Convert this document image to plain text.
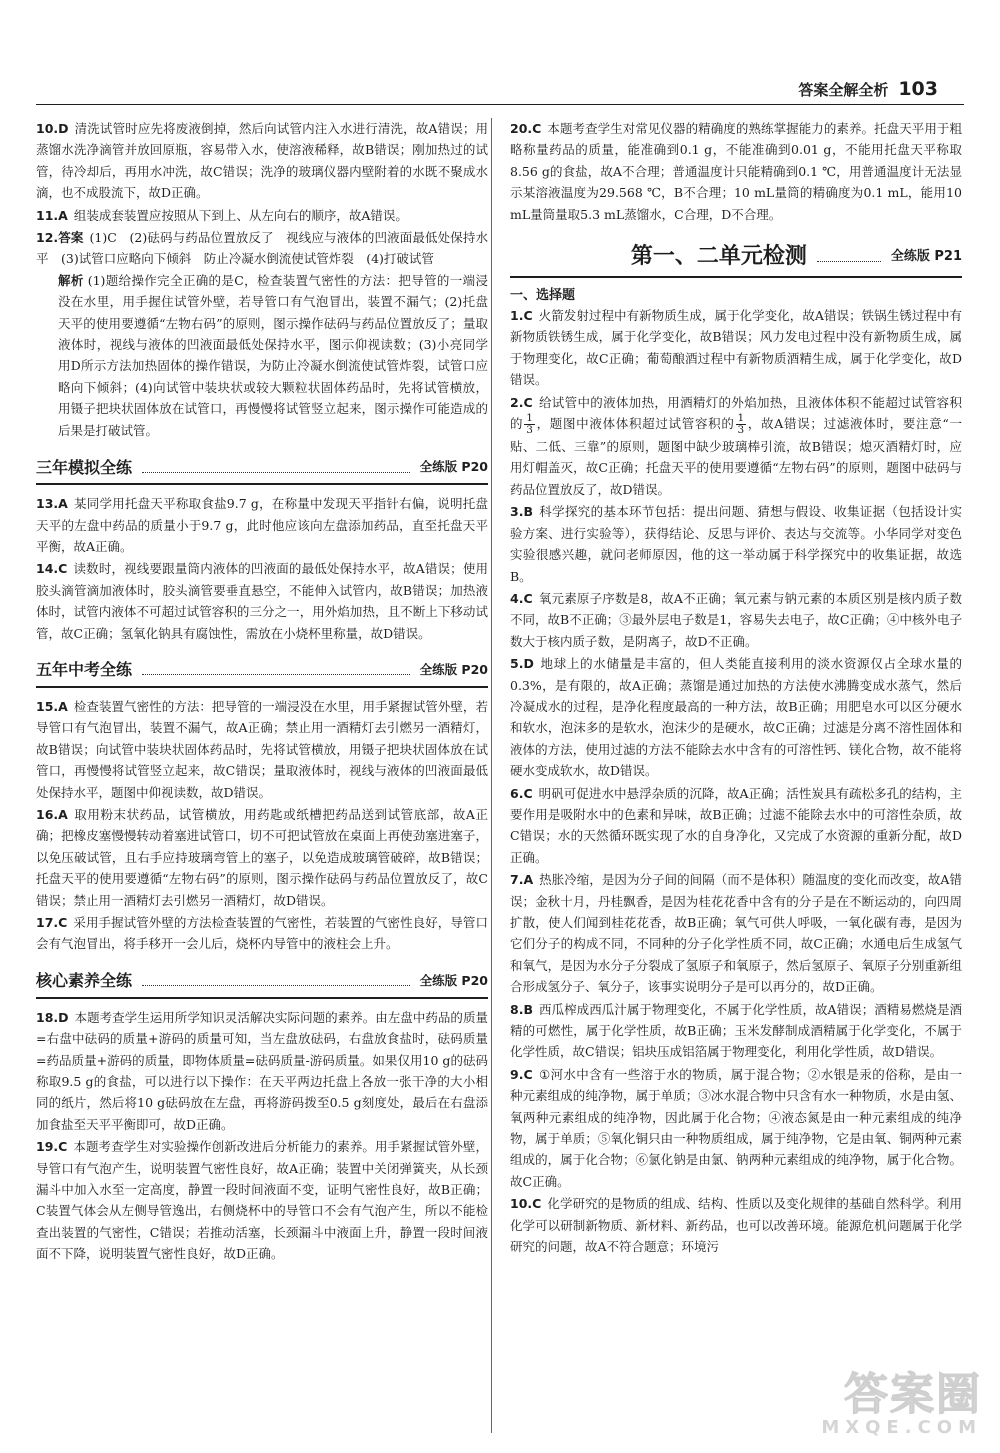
答案全解全析 103
10.D 清洗试管时应先将废液倒掉，然后向试管内注入水进行清洗，故A错误；用蒸馏水洗净滴管并放回原瓶，容易带入水，使溶液稀释，故B错误；刚加热过的试管，待冷却后，再用水冲洗，故C错误；洗净的玻璃仪器内壁附着的水既不聚成水滴，也不成股流下，故D正确。
11.A 组装成套装置应按照从下到上、从左向右的顺序，故A错误。
12.答案 (1)C　(2)砝码与药品位置放反了　视线应与液体的凹液面最低处保持水平　(3)试管口应略向下倾斜　防止冷凝水倒流使试管炸裂　(4)打破试管
解析 (1)题给操作完全正确的是C，检查装置气密性的方法：把导管的一端浸没在水里，用手握住试管外壁，若导管口有气泡冒出，装置不漏气；(2)托盘天平的使用要遵循“左物右码”的原则，图示操作砝码与药品位置放反了；量取液体时，视线与液体的凹液面最低处保持水平，图示仰视读数；(3)小亮同学用D所示方法加热固体的操作错误，为防止冷凝水倒流使试管炸裂，试管口应略向下倾斜；(4)向试管中装块状或较大颗粒状固体药品时，先将试管横放，用镊子把块状固体放在试管口，再慢慢将试管竖立起来，图示操作可能造成的后果是打破试管。
三年模拟全练	全练版 P20
13.A 某同学用托盘天平称取食盐9.7 g，在称量中发现天平指针右偏，说明托盘天平的左盘中药品的质量小于9.7 g，此时他应该向左盘添加药品，直至托盘天平平衡，故A正确。
14.C 读数时，视线要跟量筒内液体的凹液面的最低处保持水平，故A错误；使用胶头滴管滴加液体时，胶头滴管要垂直悬空，不能伸入试管内，故B错误；加热液体时，试管内液体不可超过试管容积的三分之一，用外焰加热，且不断上下移动试管，故C正确；氢氧化钠具有腐蚀性，需放在小烧杯里称量，故D错误。
五年中考全练	全练版 P20
15.A 检查装置气密性的方法：把导管的一端浸没在水里，用手紧握试管外壁，若导管口有气泡冒出，装置不漏气，故A正确；禁止用一酒精灯去引燃另一酒精灯，故B错误；向试管中装块状固体药品时，先将试管横放，用镊子把块状固体放在试管口，再慢慢将试管竖立起来，故C错误；量取液体时，视线与液体的凹液面最低处保持水平，题图中仰视读数，故D错误。
16.A 取用粉末状药品，试管横放，用药匙或纸槽把药品送到试管底部，故A正确；把橡皮塞慢慢转动着塞进试管口，切不可把试管放在桌面上再使劲塞进塞子，以免压破试管，且右手应持玻璃弯管上的塞子，以免造成玻璃管破碎，故B错误；托盘天平的使用要遵循“左物右码”的原则，图示操作砝码与药品位置放反了，故C错误；禁止用一酒精灯去引燃另一酒精灯，故D错误。
17.C 采用手握试管外壁的方法检查装置的气密性，若装置的气密性良好，导管口会有气泡冒出，将手移开一会儿后，烧杯内导管中的液柱会上升。
核心素养全练	全练版 P20
18.D 本题考查学生运用所学知识灵活解决实际问题的素养。由左盘中药品的质量=右盘中砝码的质量+游码的质量可知，当左盘放砝码，右盘放食盐时，砝码质量=药品质量+游码的质量，即物体质量=砝码质量-游码质量。如果仅用10 g的砝码称取9.5 g的食盐，可以进行以下操作：在天平两边托盘上各放一张干净的大小相同的纸片，然后将10 g砝码放在左盘，再将游码拨至0.5 g刻度处，最后在右盘添加食盐至天平平衡即可，故D正确。
19.C 本题考查学生对实验操作创新改进后分析能力的素养。用手紧握试管外壁，导管口有气泡产生，说明装置气密性良好，故A正确；装置中关闭弹簧夹，从长颈漏斗中加入水至一定高度，静置一段时间液面不变，证明气密性良好，故B正确；C装置气体会从左侧导管逸出，右侧烧杯中的导管口不会有气泡产生，所以不能检查出装置的气密性，C错误；若推动活塞，长颈漏斗中液面上升，静置一段时间液面不下降，说明装置气密性良好，故D正确。
20.C 本题考查学生对常见仪器的精确度的熟练掌握能力的素养。托盘天平用于粗略称量药品的质量，能准确到0.1 g，不能准确到0.01 g，不能用托盘天平称取8.56 g的食盐，故A不合理；普通温度计只能精确到0.1 ℃，用普通温度计无法显示某溶液温度为29.568 ℃，B不合理；10 mL量筒的精确度为0.1 mL，能用10 mL量筒量取5.3 mL蒸馏水，C合理，D不合理。
第一、二单元检测	全练版 P21
一、选择题
1.C 火箭发射过程中有新物质生成，属于化学变化，故A错误；铁锅生锈过程中有新物质铁锈生成，属于化学变化，故B错误；风力发电过程中没有新物质生成，属于物理变化，故C正确；葡萄酿酒过程中有新物质酒精生成，属于化学变化，故D错误。
2.C 给试管中的液体加热，用酒精灯的外焰加热，且液体体积不能超过试管容积的 $\frac{1}{3}$ ，题图中液体体积超过试管容积的 $\frac{1}{3}$ ，故A错误；过滤液体时，要注意“一贴、二低、三靠”的原则，题图中缺少玻璃棒引流，故B错误；熄灭酒精灯时，应用灯帽盖灭，故C正确；托盘天平的使用要遵循“左物右码”的原则，题图中砝码与药品位置放反了，故D错误。
3.B 科学探究的基本环节包括：提出问题、猜想与假设、收集证据（包括设计实验方案、进行实验等），获得结论、反思与评价、表达与交流等。小华同学对变色实验很感兴趣，就问老师原因，他的这一举动属于科学探究中的收集证据，故选B。
4.C 氧元素原子序数是8，故A不正确；氧元素与钠元素的本质区别是核内质子数不同，故B不正确；③最外层电子数是1，容易失去电子，故C正确；④中核外电子数大于核内质子数，是阴离子，故D不正确。
5.D 地球上的水储量是丰富的，但人类能直接利用的淡水资源仅占全球水量的0.3%，是有限的，故A正确；蒸馏是通过加热的方法使水沸腾变成水蒸气，然后冷凝成水的过程，是净化程度最高的一种方法，故B正确；用肥皂水可以区分硬水和软水，泡沫多的是软水，泡沫少的是硬水，故C正确；过滤是分离不溶性固体和液体的方法，使用过滤的方法不能除去水中含有的可溶性钙、镁化合物，故不能将硬水变成软水，故D错误。
6.C 明矾可促进水中悬浮杂质的沉降，故A正确；活性炭具有疏松多孔的结构，主要作用是吸附水中的色素和异味，故B正确；过滤不能除去水中的可溶性杂质，故C错误；水的天然循环既实现了水的自身净化，又完成了水资源的重新分配，故D正确。
7.A 热胀冷缩，是因为分子间的间隔（而不是体积）随温度的变化而改变，故A错误；金秋十月，丹桂飘香，是因为桂花花香中含有的分子是在不断运动的，向四周扩散，使人们闻到桂花花香，故B正确；氧气可供人呼吸，一氧化碳有毒，是因为它们分子的构成不同，不同种的分子化学性质不同，故C正确；水通电后生成氢气和氧气，是因为水分子分裂成了氢原子和氧原子，然后氢原子、氧原子分别重新组合形成氢分子、氧分子，该事实说明分子是可以再分的，故D正确。
8.B 西瓜榨成西瓜汁属于物理变化，不属于化学性质，故A错误；酒精易燃烧是酒精的可燃性，属于化学性质，故B正确；玉米发酵制成酒精属于化学变化，不属于化学性质，故C错误；铝块压成铝箔属于物理变化，利用化学性质，故D错误。
9.C ①河水中含有一些溶于水的物质，属于混合物；②水银是汞的俗称，是由一种元素组成的纯净物，属于单质；③冰水混合物中只含有水一种物质，水是由氢、氧两种元素组成的纯净物，因此属于化合物；④液态氮是由一种元素组成的纯净物，属于单质；⑤氧化铜只由一种物质组成，属于纯净物，它是由氧、铜两种元素组成的，属于化合物；⑥氯化钠是由氯、钠两种元素组成的纯净物，属于化合物。故C正确。
10.C 化学研究的是物质的组成、结构、性质以及变化规律的基础自然科学。利用化学可以研制新物质、新材料、新药品，也可以改善环境。能源危机问题属于化学研究的问题，故A不符合题意；环境污
答案圈
MXQE.COM
